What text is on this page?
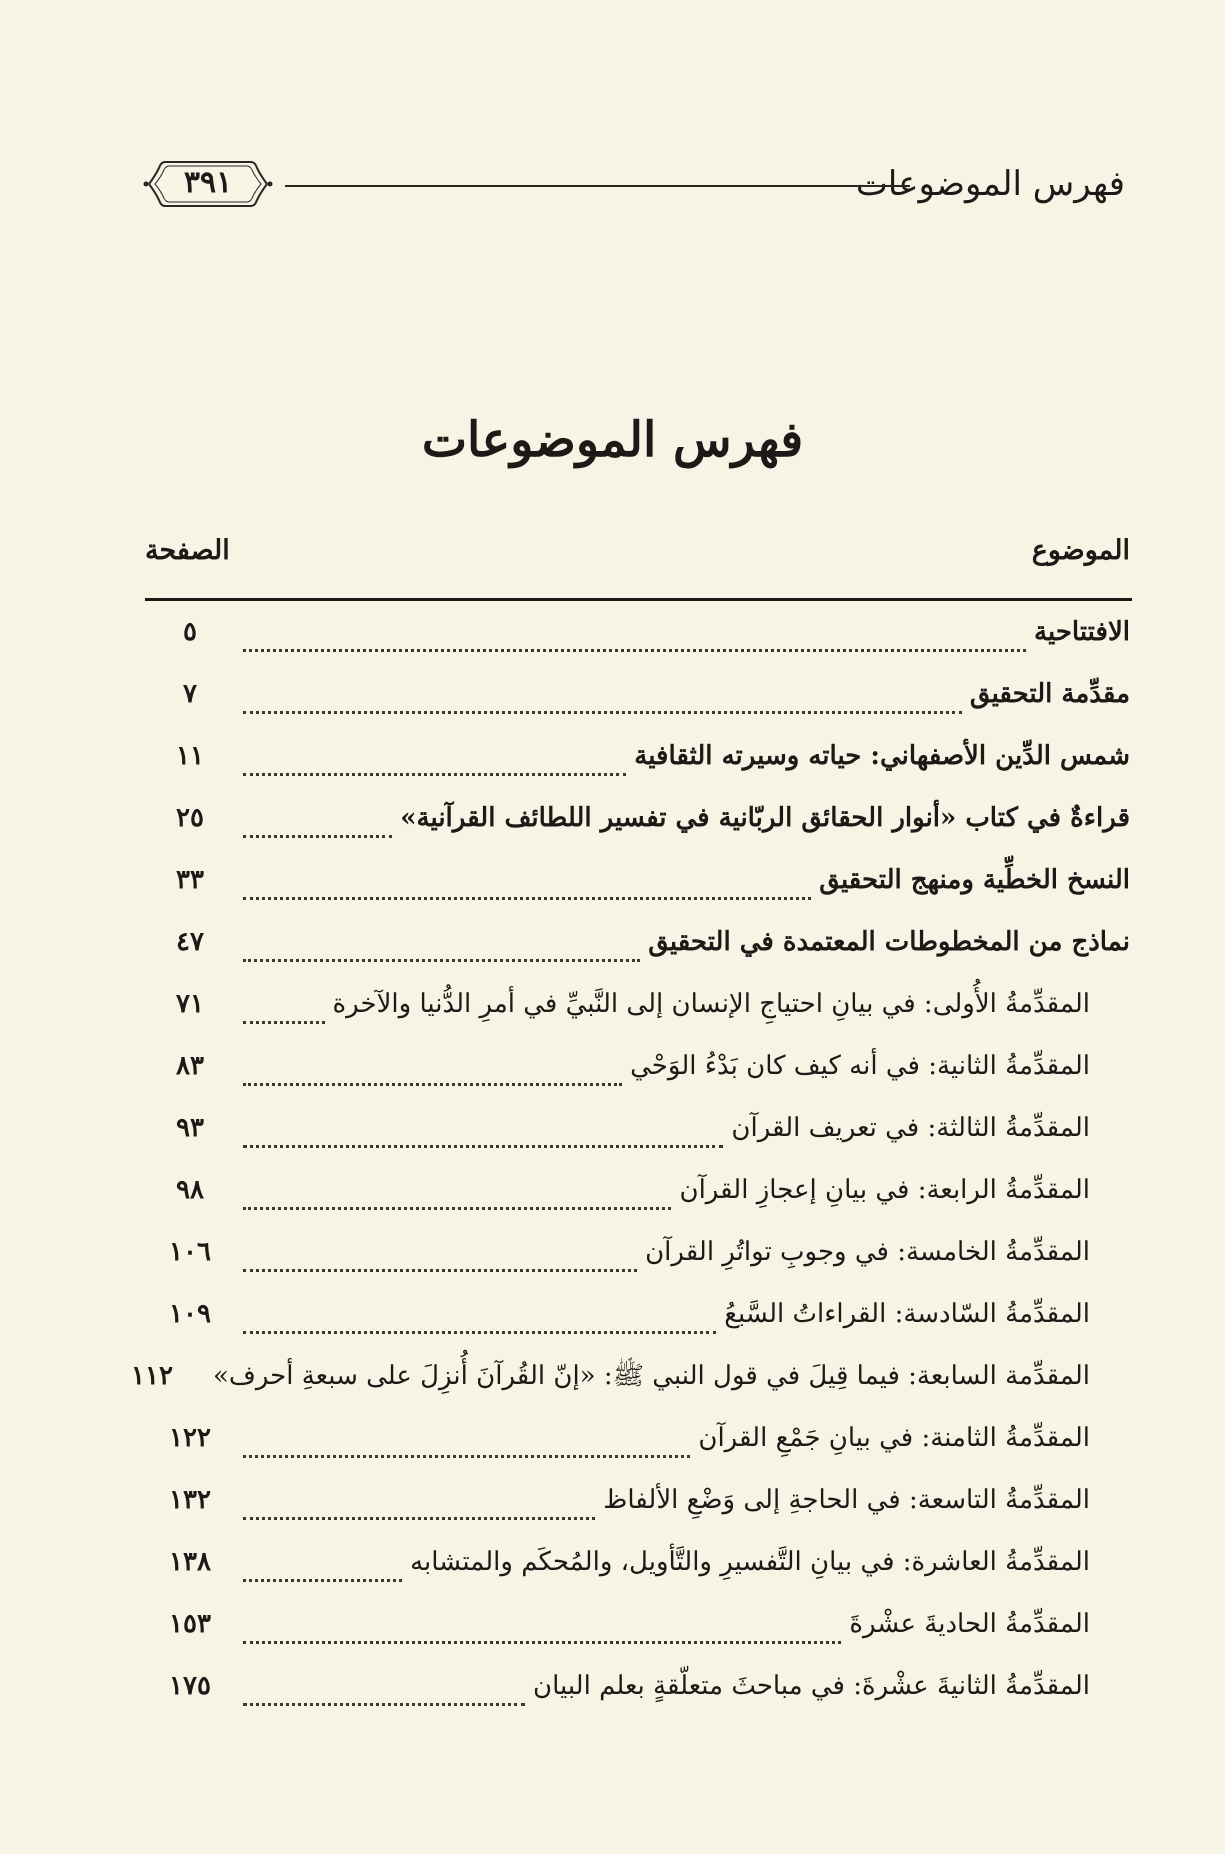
فهرس الموضوعات
٣٩١
فهرس الموضوعات
الموضوع
الصفحة
الافتتاحية
٥
مقدِّمة التحقيق
٧
شمس الدِّين الأصفهاني: حياته وسيرته الثقافية
١١
قراءةٌ في كتاب «أنوار الحقائق الربّانية في تفسير اللطائف القرآنية»
٢٥
النسخ الخطِّية ومنهج التحقيق
٣٣
نماذج من المخطوطات المعتمدة في التحقيق
٤٧
المقدِّمةُ الأُولى: في بيانِ احتياجِ الإنسان إلى النَّبيِّ في أمرِ الدُّنيا والآخرة
٧١
المقدِّمةُ الثانية: في أنه كيف كان بَدْءُ الوَحْي
٨٣
المقدِّمةُ الثالثة: في تعريف القرآن
٩٣
المقدِّمةُ الرابعة: في بيانِ إعجازِ القرآن
٩٨
المقدِّمةُ الخامسة: في وجوبِ تواتُرِ القرآن
١٠٦
المقدِّمةُ السّادسة: القراءاتُ السَّبعُ
١٠٩
المقدِّمة السابعة: فيما قِيلَ في قول النبي ﷺ: «إنّ القُرآنَ أُنزِلَ على سبعةِ أحرف»
١١٢
المقدِّمةُ الثامنة: في بيانِ جَمْعِ القرآن
١٢٢
المقدِّمةُ التاسعة: في الحاجةِ إلى وَضْعِ الألفاظ
١٣٢
المقدِّمةُ العاشرة: في بيانِ التَّفسيرِ والتَّأويل، والمُحكَم والمتشابه
١٣٨
المقدِّمةُ الحاديةَ عشْرةَ
١٥٣
المقدِّمةُ الثانيةَ عشْرةَ: في مباحثَ متعلّقةٍ بعلم البيان
١٧٥
